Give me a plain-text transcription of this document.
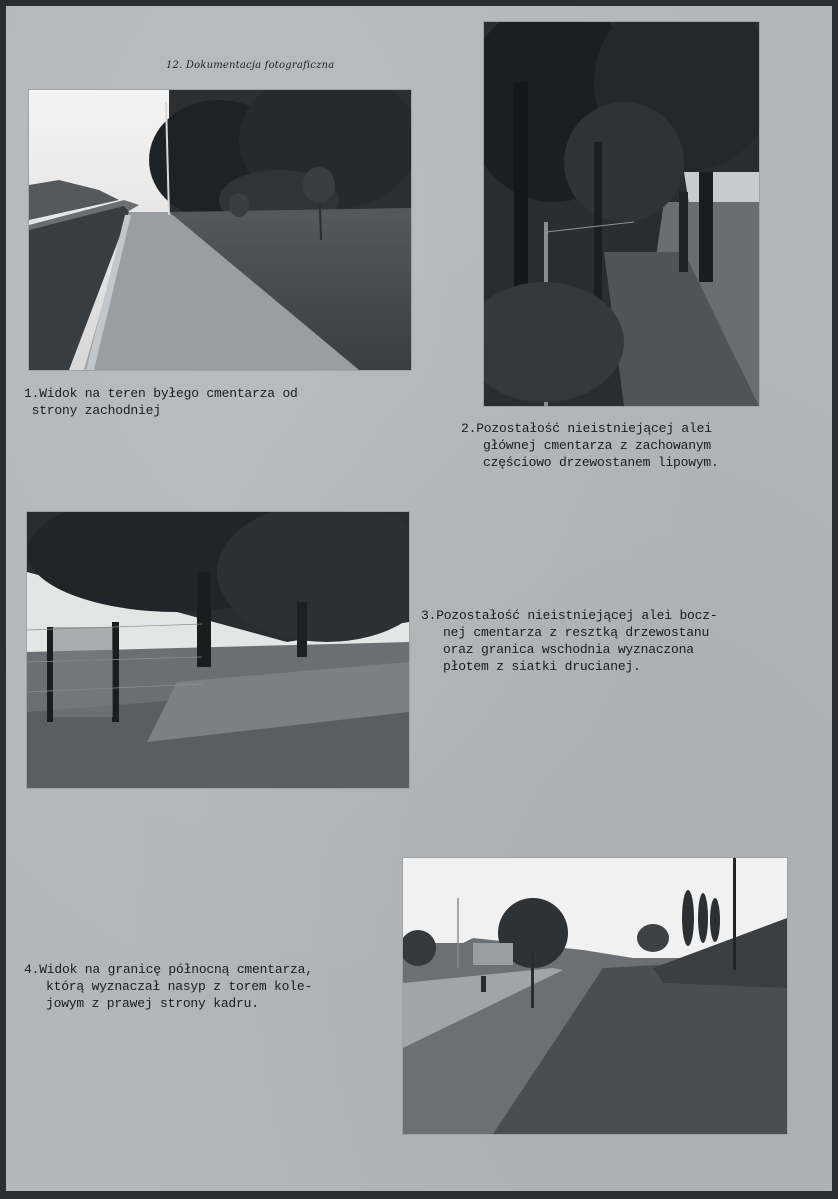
12. Dokumentacja fotograficzna
1.Widok na teren byłego cmentarza od
strony zachodniej
2.Pozostałość nieistniejącej alei
głównej cmentarza z zachowanym
częściowo drzewostanem lipowym.
3.Pozostałość nieistniejącej alei bocz-
nej cmentarza z resztką drzewostanu
oraz granica wschodnia wyznaczona
płotem z siatki drucianej.
4.Widok na granicę północną cmentarza,
którą wyznaczał nasyp z torem kole-
jowym z prawej strony kadru.
